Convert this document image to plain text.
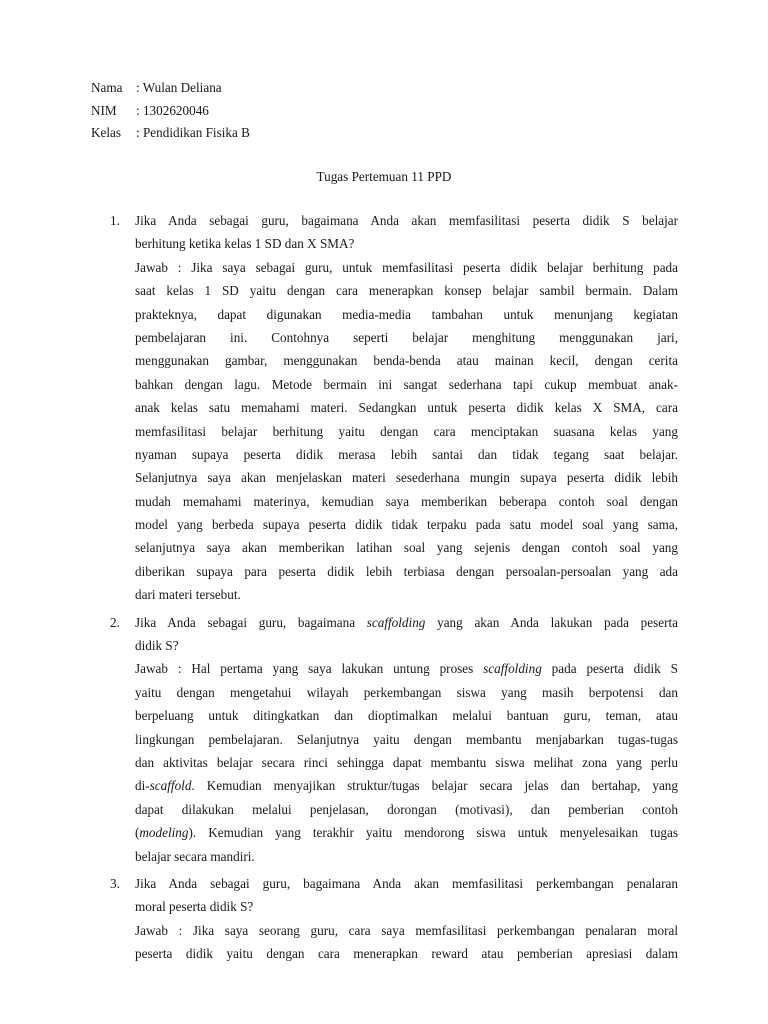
Nama : Wulan Deliana
NIM : 1302620046
Kelas : Pendidikan Fisika B
Tugas Pertemuan 11 PPD
1.	Jika Anda sebagai guru, bagaimana Anda akan memfasilitasi peserta didik S belajar
berhitung ketika kelas 1 SD dan X SMA?
Jawab : Jika saya sebagai guru, untuk memfasilitasi peserta didik belajar berhitung pada
saat kelas 1 SD yaitu dengan cara menerapkan konsep belajar sambil bermain. Dalam
prakteknya, dapat digunakan media-media tambahan untuk menunjang kegiatan
pembelajaran ini. Contohnya seperti belajar menghitung menggunakan jari,
menggunakan gambar, menggunakan benda-benda atau mainan kecil, dengan cerita
bahkan dengan lagu. Metode bermain ini sangat sederhana tapi cukup membuat anak-
anak kelas satu memahami materi. Sedangkan untuk peserta didik kelas X SMA, cara
memfasilitasi belajar berhitung yaitu dengan cara menciptakan suasana kelas yang
nyaman supaya peserta didik merasa lebih santai dan tidak tegang saat belajar.
Selanjutnya saya akan menjelaskan materi sesederhana mungin supaya peserta didik lebih
mudah memahami materinya, kemudian saya memberikan beberapa contoh soal dengan
model yang berbeda supaya peserta didik tidak terpaku pada satu model soal yang sama,
selanjutnya saya akan memberikan latihan soal yang sejenis dengan contoh soal yang
diberikan supaya para peserta didik lebih terbiasa dengan persoalan-persoalan yang ada
dari materi tersebut.
2.	Jika Anda sebagai guru, bagaimana scaffolding yang akan Anda lakukan pada peserta
didik S?
Jawab : Hal pertama yang saya lakukan untung proses scaffolding pada peserta didik S
yaitu dengan mengetahui wilayah perkembangan siswa yang masih berpotensi dan
berpeluang untuk ditingkatkan dan dioptimalkan melalui bantuan guru, teman, atau
lingkungan pembelajaran. Selanjutnya yaitu dengan membantu menjabarkan tugas-tugas
dan aktivitas belajar secara rinci sehingga dapat membantu siswa melihat zona yang perlu
di-scaffold. Kemudian menyajikan struktur/tugas belajar secara jelas dan bertahap, yang
dapat dilakukan melalui penjelasan, dorongan (motivasi), dan pemberian contoh
(modeling). Kemudian yang terakhir yaitu mendorong siswa untuk menyelesaikan tugas
belajar secara mandiri.
3.	Jika Anda sebagai guru, bagaimana Anda akan memfasilitasi perkembangan penalaran
moral peserta didik S?
Jawab : Jika saya seorang guru, cara saya memfasilitasi perkembangan penalaran moral
peserta didik yaitu dengan cara menerapkan reward atau pemberian apresiasi dalam
